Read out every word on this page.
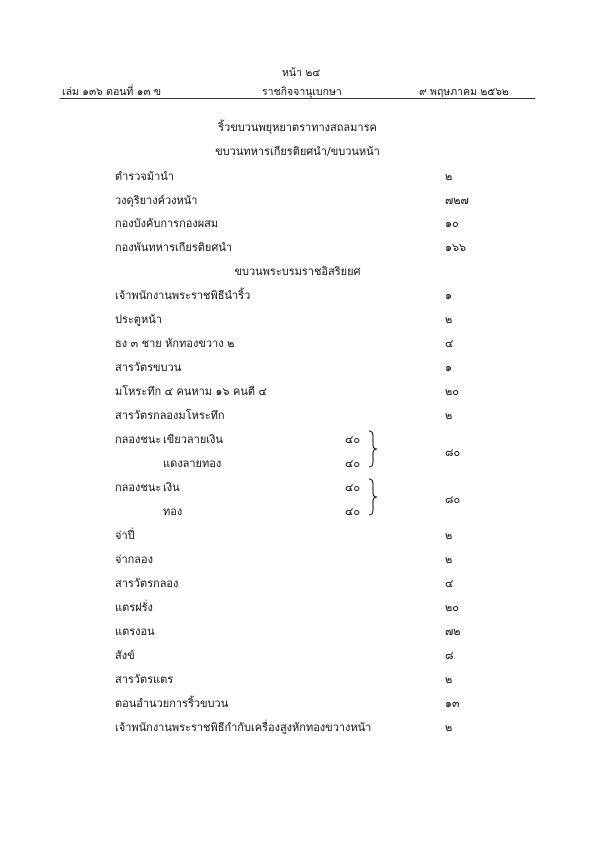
หน้า ๒๔
เล่ม ๑๓๖ ตอนที่ ๑๓ ข	ราชกิจจานุเบกษา	๙ พฤษภาคม ๒๕๖๒
ริ้วขบวนพยุหยาตราทางสถลมารค
ขบวนทหารเกียรติยศนำ/ขบวนหน้า
ตำรวจม้านำ	๒
วงดุริยางค์วงหน้า	๗๒๗
กองบังคับการกองผสม	๑๐
กองพันทหารเกียรติยศนำ	๑๖๖
ขบวนพระบรมราชอิสริยยศ
เจ้าพนักงานพระราชพิธีนำริ้ว	๑
ประตูหน้า	๒
ธง ๓ ชาย หักทองขวาง ๒	๔
สารวัตรขบวน	๑
มโหระทึก ๔ คนหาม ๑๖ คนตี ๔	๒๐
สารวัตรกลองมโหระทึก	๒
กลองชนะ เขียวลายเงิน	๔๐
แดงลายทอง	๔๐
๘๐
กลองชนะ เงิน	๔๐
ทอง	๔๐
๘๐
จ่าปี่	๒
จ่ากลอง	๒
สารวัตรกลอง	๔
แตรฝรั่ง	๒๐
แตรงอน	๗๒
สังข์	๘
สารวัตรแตร	๒
ตอนอำนวยการริ้วขบวน	๑๓
เจ้าพนักงานพระราชพิธีกำกับเครื่องสูงหักทองขวางหน้า	๒
